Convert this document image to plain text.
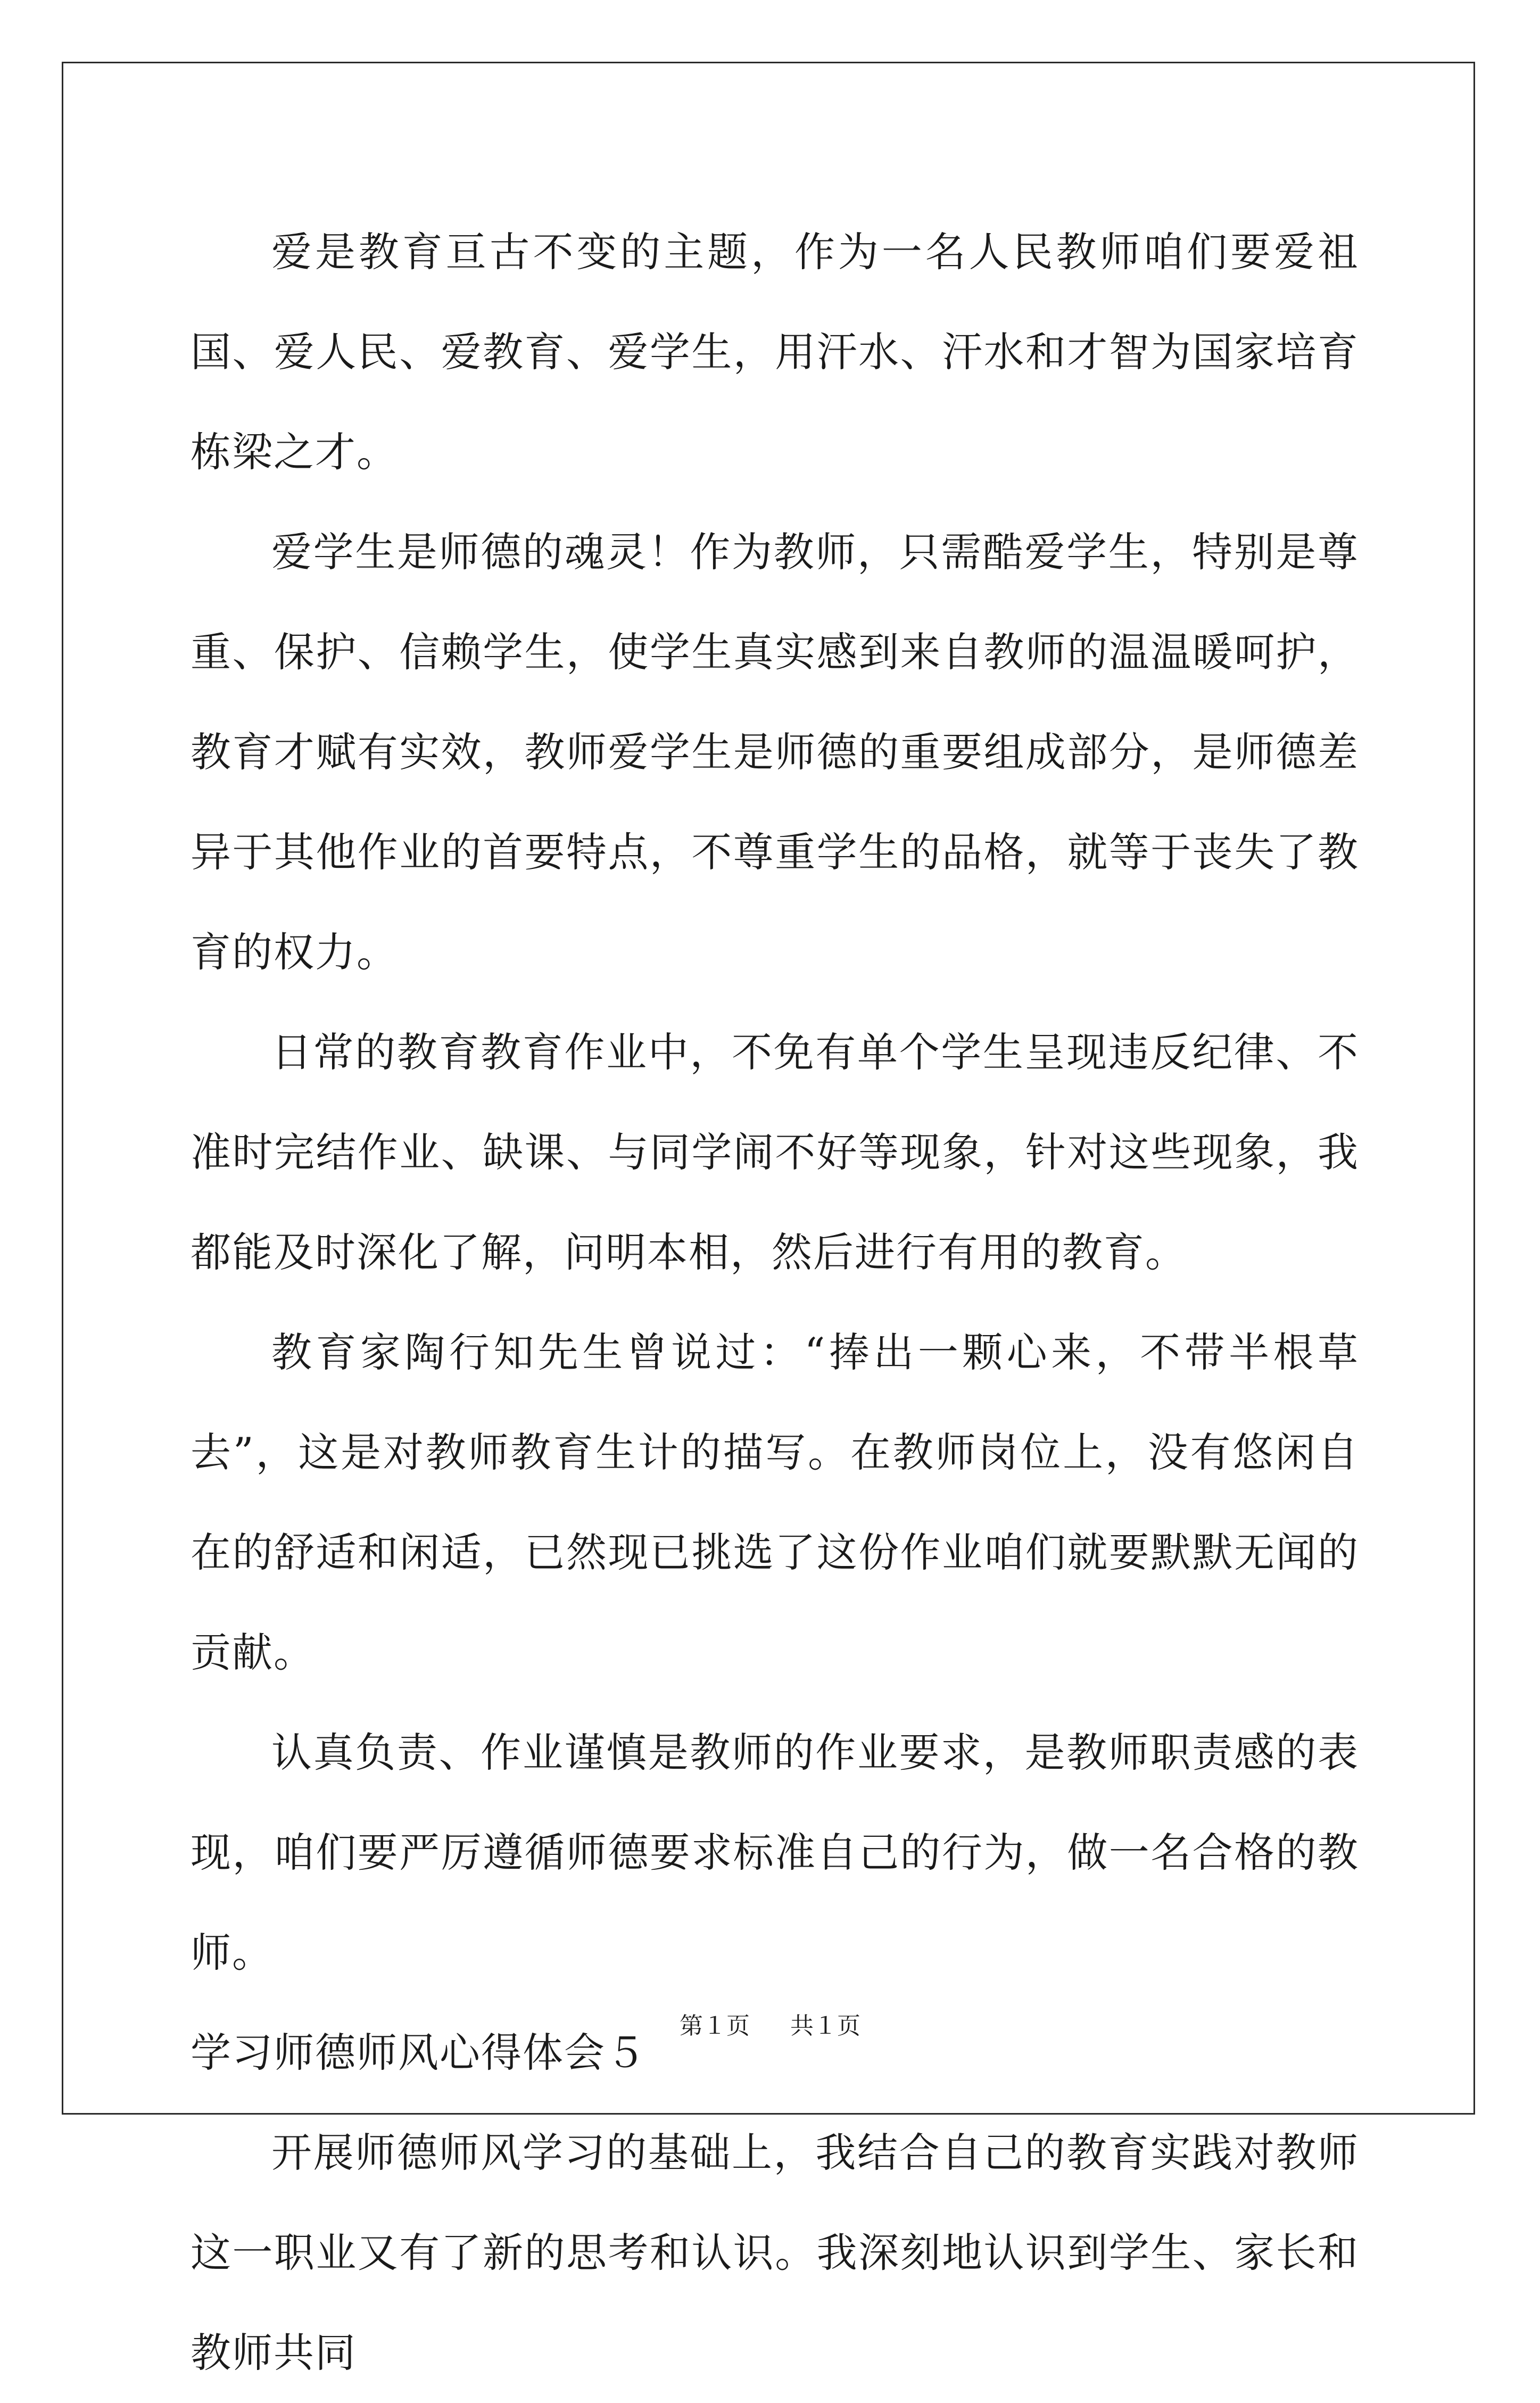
爱是教育亘古不变的主题，作为一名人民教师咱们要爱祖国、爱人民、爱教育、爱学生，用汗水、汗水和才智为国家培育栋梁之才。

爱学生是师德的魂灵！作为教师，只需酷爱学生，特别是尊重、保护、信赖学生，使学生真实感到来自教师的温温暖呵护，教育才赋有实效，教师爱学生是师德的重要组成部分，是师德差异于其他作业的首要特点，不尊重学生的品格，就等于丧失了教育的权力。

日常的教育教育作业中，不免有单个学生呈现违反纪律、不准时完结作业、缺课、与同学闹不好等现象，针对这些现象，我都能及时深化了解，问明本相，然后进行有用的教育。

教育家陶行知先生曾说过：“捧出一颗心来，不带半根草去”，这是对教师教育生计的描写。在教师岗位上，没有悠闲自在的舒适和闲适，已然现已挑选了这份作业咱们就要默默无闻的贡献。

认真负责、作业谨慎是教师的作业要求，是教师职责感的表现，咱们要严厉遵循师德要求标准自己的行为，做一名合格的教师。

学习师德师风心得体会５

开展师德师风学习的基础上，我结合自己的教育实践对教师这一职业又有了新的思考和认识。我深刻地认识到学生、家长和教师共同

第１页 共１页
